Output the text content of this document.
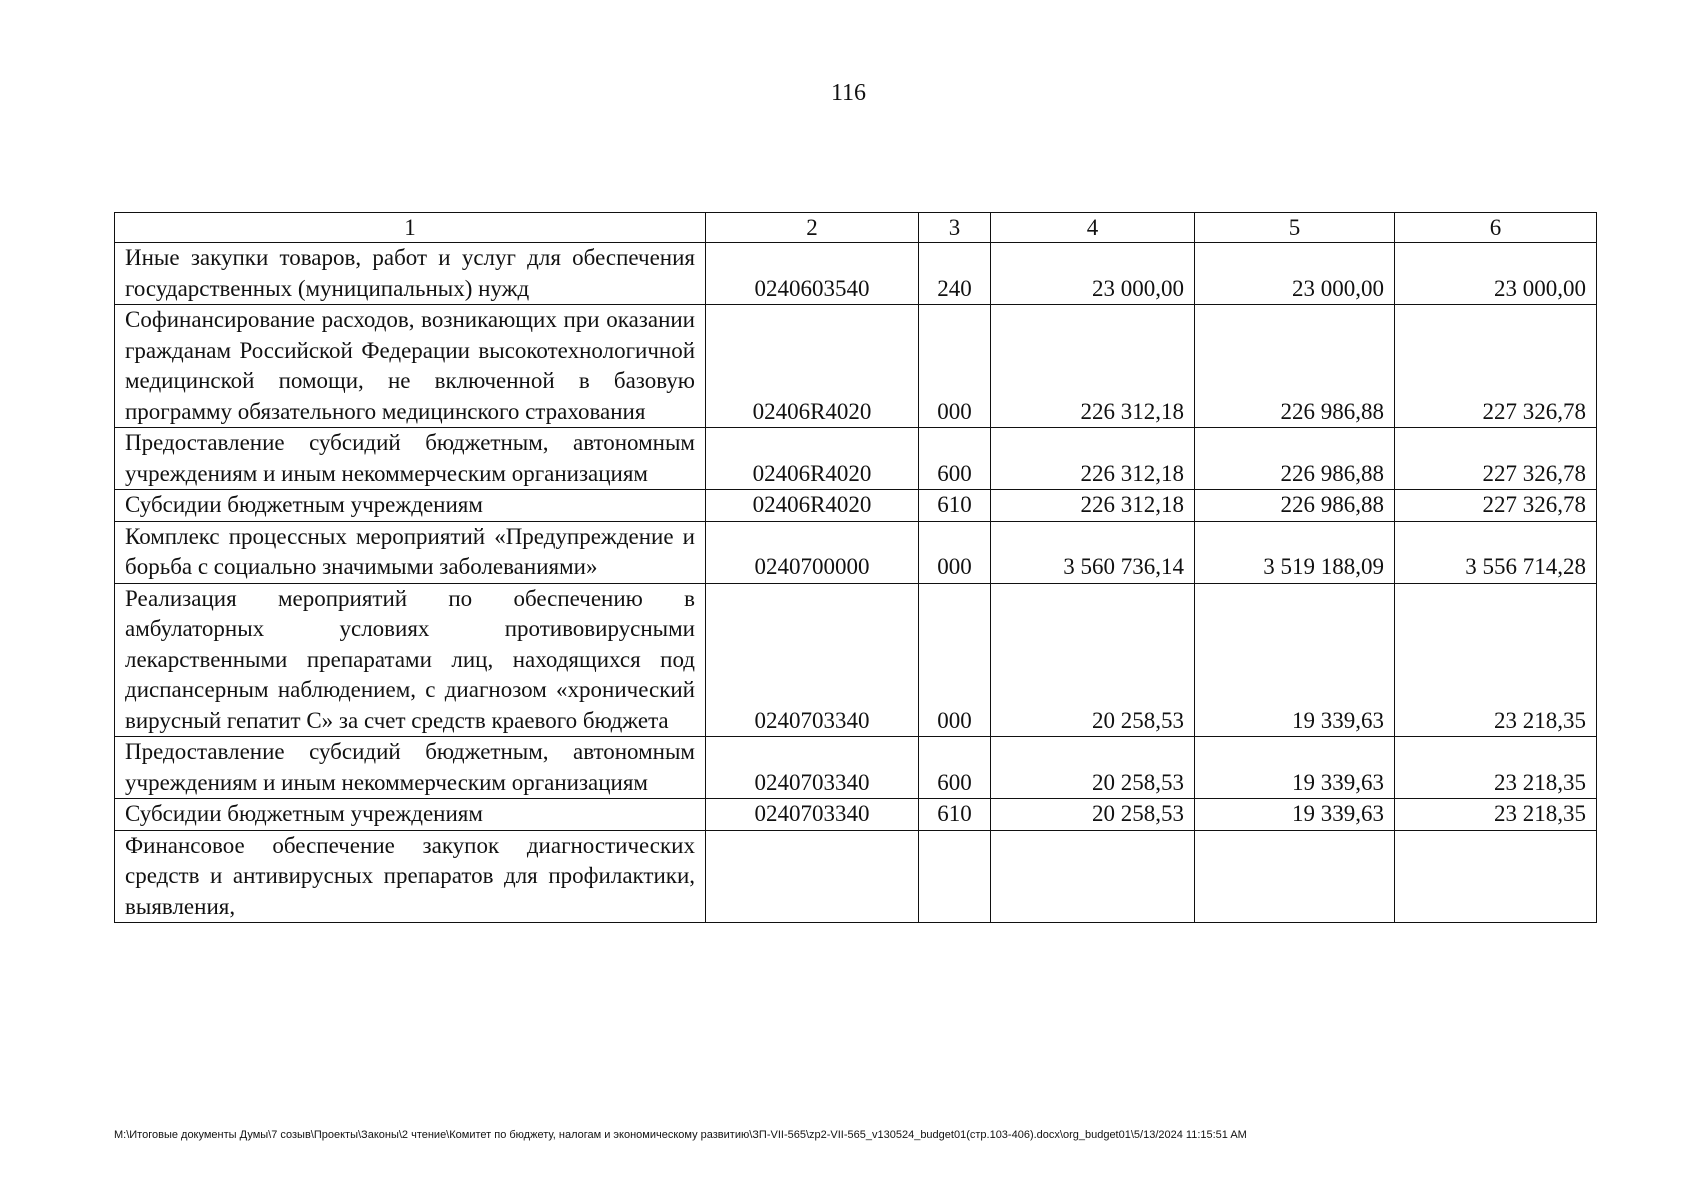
116
1	2	3	4	5	6
Иные закупки товаров, работ и услуг для обеспечения государственных (муниципальных) нужд	0240603540	240	23 000,00	23 000,00	23 000,00
Софинансирование расходов, возникающих при оказании гражданам Российской Федерации высокотехнологичной медицинской помощи, не включенной в базовую программу обязательного медицинского страхования	02406R4020	000	226 312,18	226 986,88	227 326,78
Предоставление субсидий бюджетным, автономным учреждениям и иным некоммерческим организациям	02406R4020	600	226 312,18	226 986,88	227 326,78
Субсидии бюджетным учреждениям	02406R4020	610	226 312,18	226 986,88	227 326,78
Комплекс процессных мероприятий «Предупреждение и борьба с социально значимыми заболеваниями»	0240700000	000	3 560 736,14	3 519 188,09	3 556 714,28
Реализация мероприятий по обеспечению в амбулаторных условиях противовирусными лекарственными препаратами лиц, находящихся под диспансерным наблюдением, с диагнозом «хронический вирусный гепатит С» за счет средств краевого бюджета	0240703340	000	20 258,53	19 339,63	23 218,35
Предоставление субсидий бюджетным, автономным учреждениям и иным некоммерческим организациям	0240703340	600	20 258,53	19 339,63	23 218,35
Субсидии бюджетным учреждениям	0240703340	610	20 258,53	19 339,63	23 218,35
Финансовое обеспечение закупок диагностических средств и антивирусных препаратов для профилактики, выявления,					
М:\Итоговые документы Думы\7 созыв\Проекты\Законы\2 чтение\Комитет по бюджету, налогам и экономическому развитию\ЗП-VII-565\zp2-VII-565_v130524_budget01(стр.103-406).docx\org_budget01\5/13/2024 11:15:51 AM
